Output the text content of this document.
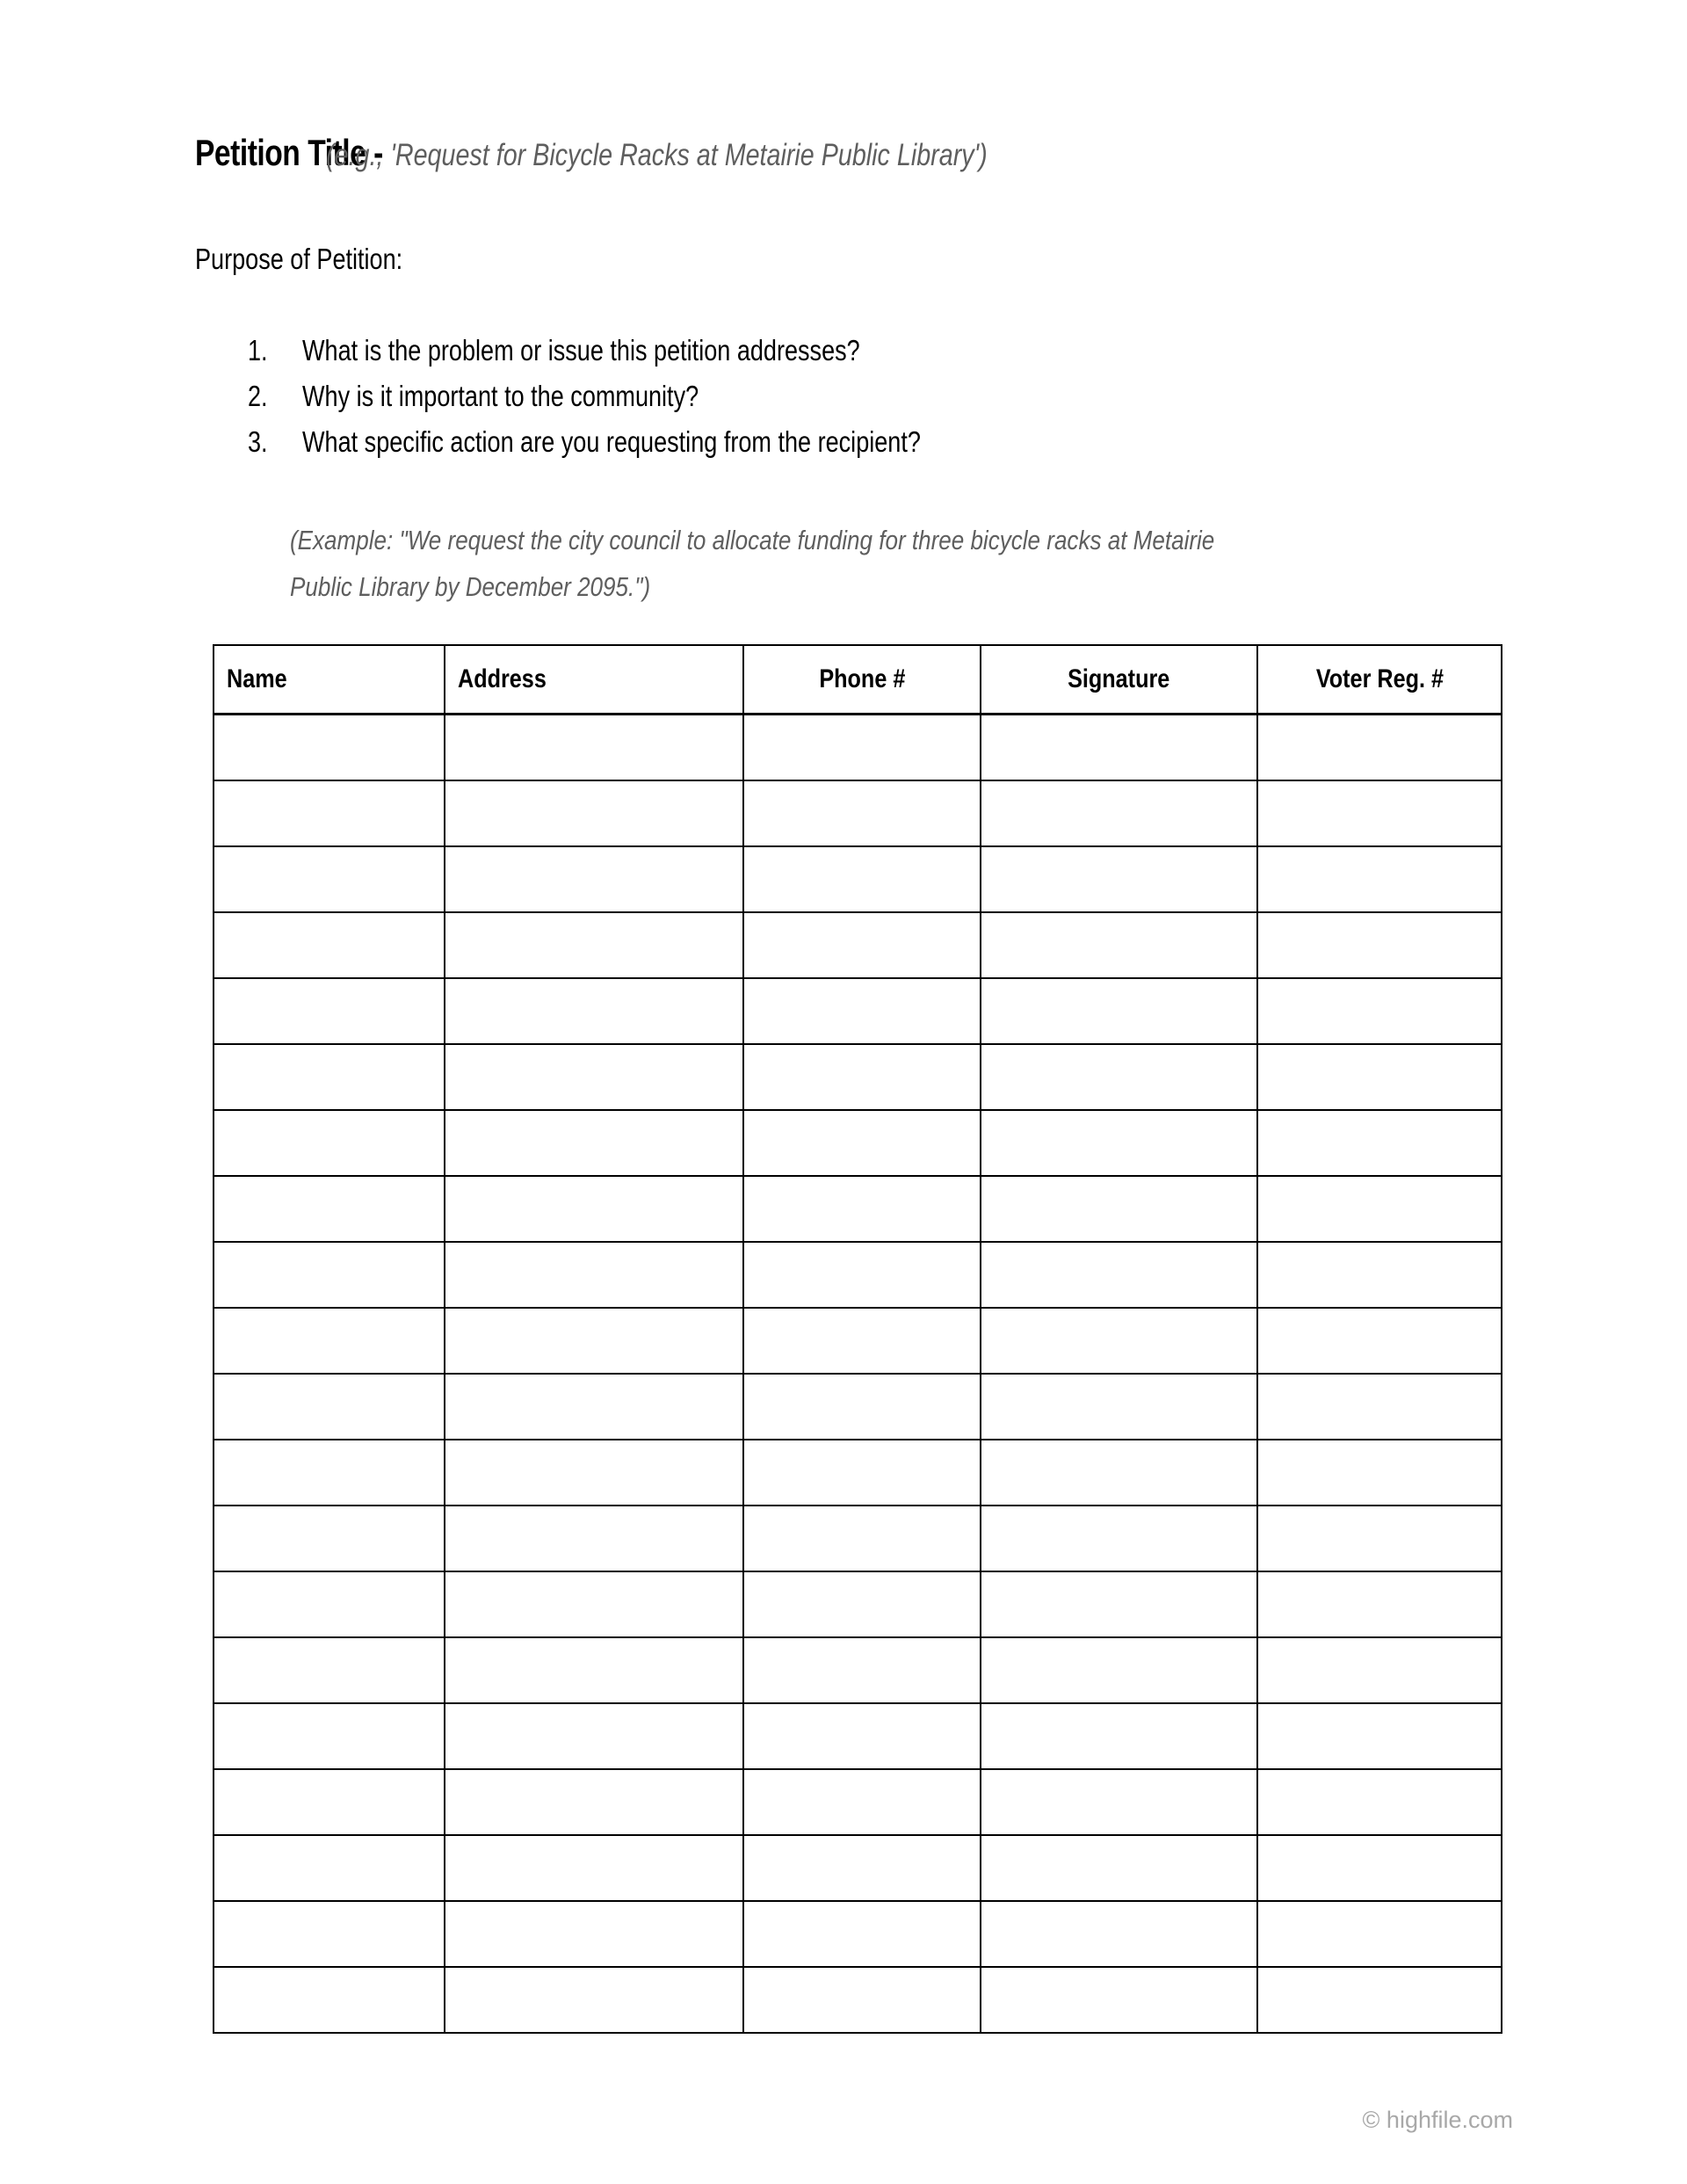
Petition Title -(e.g., 'Request for Bicycle Racks at Metairie Public Library')
Purpose of Petition:
1.	What is the problem or issue this petition addresses?
2.	Why is it important to the community?
3.	What specific action are you requesting from the recipient?
(Example: "We request the city council to allocate funding for three bicycle racks at Metairie
Public Library by December 2095.")
Name	Address	Phone #	Signature	Voter Reg. #

© highfile.com
